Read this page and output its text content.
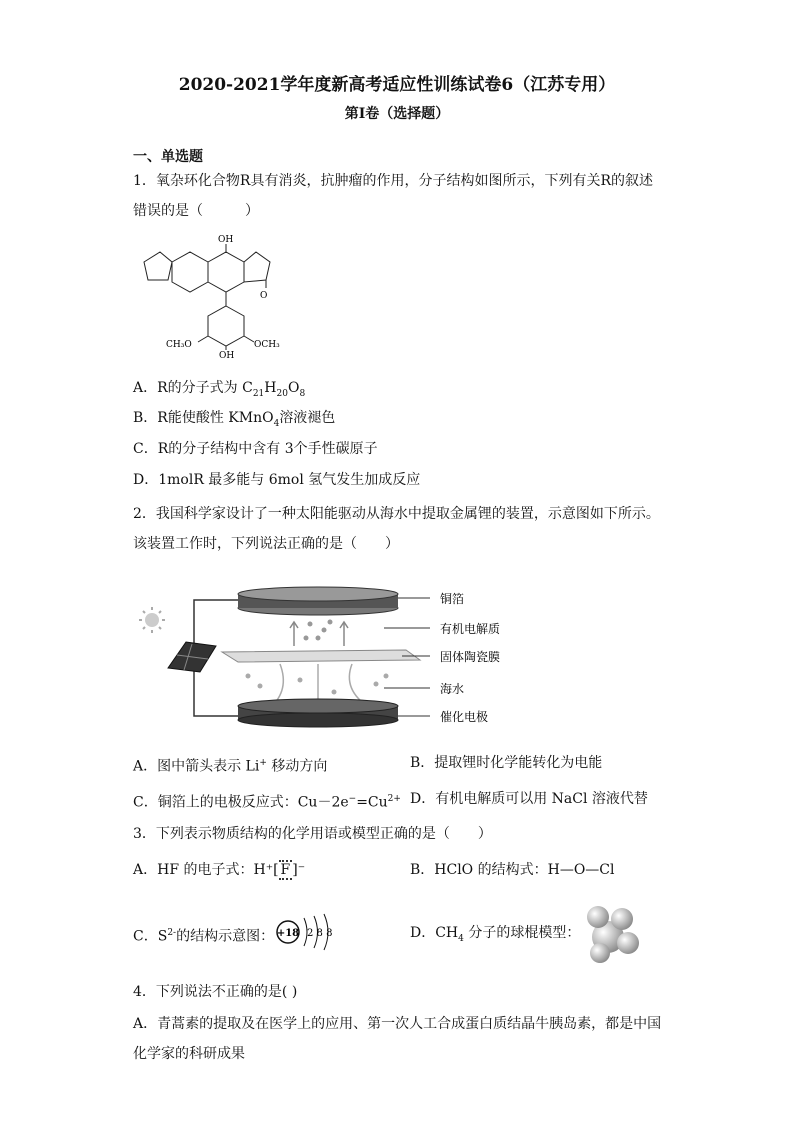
2020-2021学年度新高考适应性训练试卷6（江苏专用）
第I卷（选择题）
一、单选题
1．氧杂环化合物R具有消炎，抗肿瘤的作用，分子结构如图所示，下列有关R的叙述
错误的是（　　　）
OH
O
CH₃O	OCH₃
OH
A．R的分子式为 $C_{21}H_{20}O_8$
B．R能使酸性 KMnO$_4$溶液褪色
C．R的分子结构中含有 3个手性碳原子
D．1molR 最多能与 6mol 氢气发生加成反应
2．我国科学家设计了一种太阳能驱动从海水中提取金属锂的装置，示意图如下所示。
该装置工作时，下列说法正确的是（　　）
铜箔
有机电解质
固体陶瓷膜
海水
催化电极
A．图中箭头表示 Li+ 移动方向	B．提取锂时化学能转化为电能
C．铜箔上的电极反应式：$Cu-2e^-=Cu^{2+}$ D．有机电解质可以用 NaCl 溶液代替
3．下列表示物质结构的化学用语或模型正确的是（　　）
A．HF 的电子式：H⁺[ F ]⁻	B．HClO 的结构式：H—O—Cl
C．$S^{2-}$的结构示意图： +18 2 8 8	D．$CH_4$ 分子的球棍模型：
4．下列说法不正确的是( )
A．青蒿素的提取及在医学上的应用、第一次人工合成蛋白质结晶牛胰岛素，都是中国
化学家的科研成果
